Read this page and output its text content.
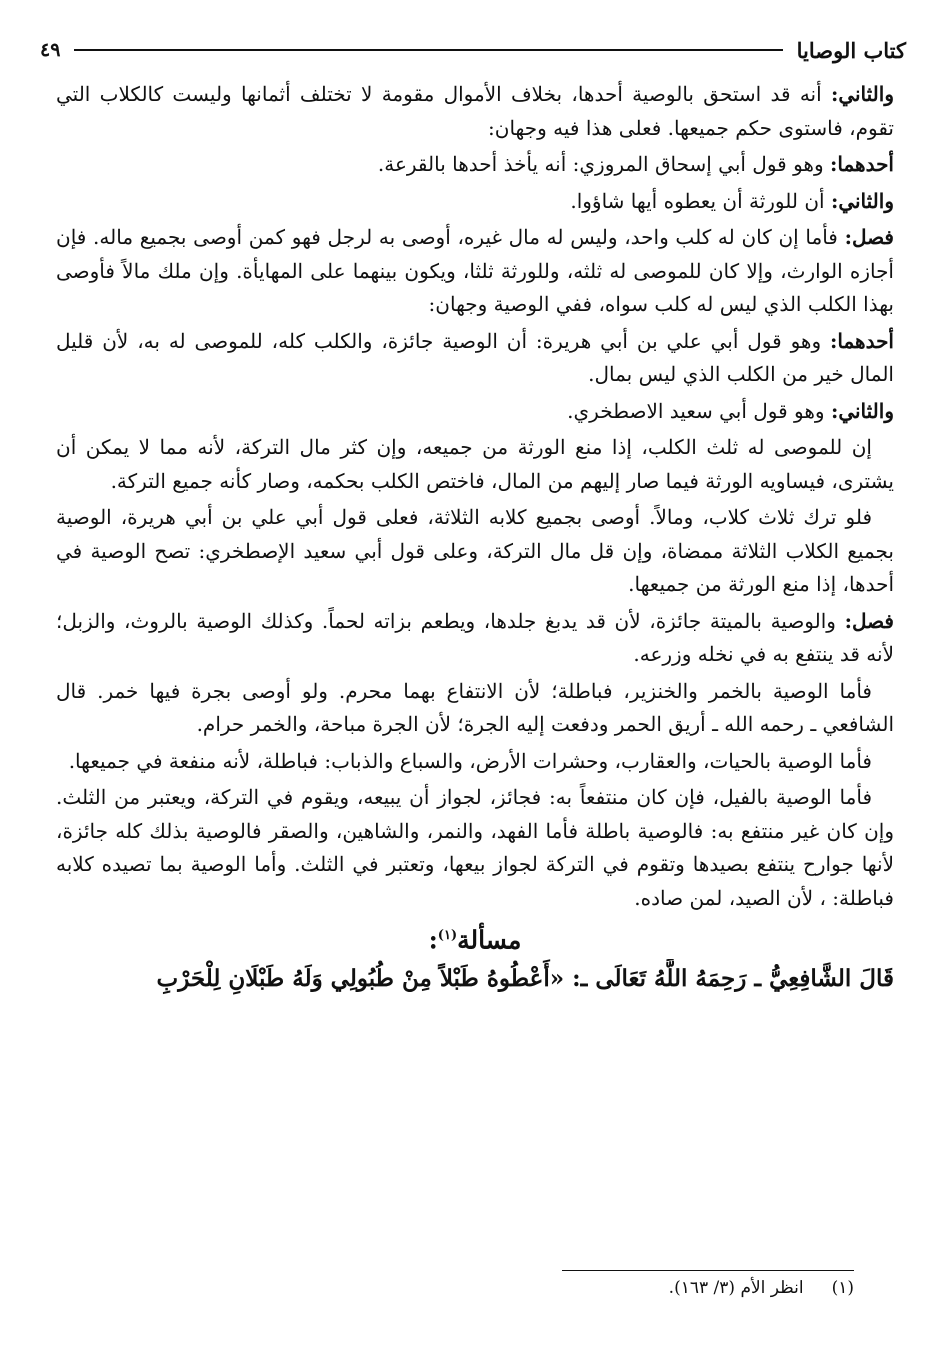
كتاب الوصايا
٤٩

والثاني: أنه قد استحق بالوصية أحدها، بخلاف الأموال مقومة لا تختلف أثمانها وليست كالكلاب التي تقوم، فاستوى حكم جميعها. فعلى هذا فيه وجهان:

أحدهما: وهو قول أبي إسحاق المروزي: أنه يأخذ أحدها بالقرعة.

والثاني: أن للورثة أن يعطوه أيها شاؤوا.

فصل: فأما إن كان له كلب واحد، وليس له مال غيره، أوصى به لرجل فهو كمن أوصى بجميع ماله. فإن أجازه الوارث، وإلا كان للموصى له ثلثه، وللورثة ثلثا، ويكون بينهما على المهايأة. وإن ملك مالاً فأوصى بهذا الكلب الذي ليس له كلب سواه، ففي الوصية وجهان:

أحدهما: وهو قول أبي علي بن أبي هريرة: أن الوصية جائزة، والكلب كله، للموصى له به، لأن قليل المال خير من الكلب الذي ليس بمال.

والثاني: وهو قول أبي سعيد الاصطخري.

إن للموصى له ثلث الكلب، إذا منع الورثة من جميعه، وإن كثر مال التركة، لأنه مما لا يمكن أن يشترى، فيساويه الورثة فيما صار إليهم من المال، فاختص الكلب بحكمه، وصار كأنه جميع التركة.

فلو ترك ثلاث كلاب، ومالاً. أوصى بجميع كلابه الثلاثة، فعلى قول أبي علي بن أبي هريرة، الوصية بجميع الكلاب الثلاثة ممضاة، وإن قل مال التركة، وعلى قول أبي سعيد الإصطخري: تصح الوصية في أحدها، إذا منع الورثة من جميعها.

فصل: والوصية بالميتة جائزة، لأن قد يدبغ جلدها، ويطعم بزاته لحماً. وكذلك الوصية بالروث، والزبل؛ لأنه قد ينتفع به في نخله وزرعه.

فأما الوصية بالخمر والخنزير، فباطلة؛ لأن الانتفاع بهما محرم. ولو أوصى بجرة فيها خمر. قال الشافعي ـ رحمه الله ـ أريق الحمر ودفعت إليه الجرة؛ لأن الجرة مباحة، والخمر حرام.

فأما الوصية بالحيات، والعقارب، وحشرات الأرض، والسباع والذباب: فباطلة، لأنه منفعة في جميعها.

فأما الوصية بالفيل، فإن كان منتفعاً به: فجائز، لجواز أن يبيعه، ويقوم في التركة، ويعتبر من الثلث. وإن كان غير منتفع به: فالوصية باطلة فأما الفهد، والنمر، والشاهين، والصقر فالوصية بذلك كله جائزة، لأنها جوارح ينتفع بصيدها وتقوم في التركة لجواز بيعها، وتعتبر في الثلث. وأما الوصية بما تصيده كلابه فباطلة: ، لأن الصيد، لمن صاده.

مسألة$^{(١)}$:
قَالَ الشَّافِعِيُّ ـ رَحِمَهُ اللَّهُ تَعَالَى ـ: «أَعْطُوهُ طَبْلاً مِنْ طُبُولِي وَلَهُ طَبْلَانِ لِلْحَرْبِ
(١)انظر الأم (٣/ ١٦٣).
